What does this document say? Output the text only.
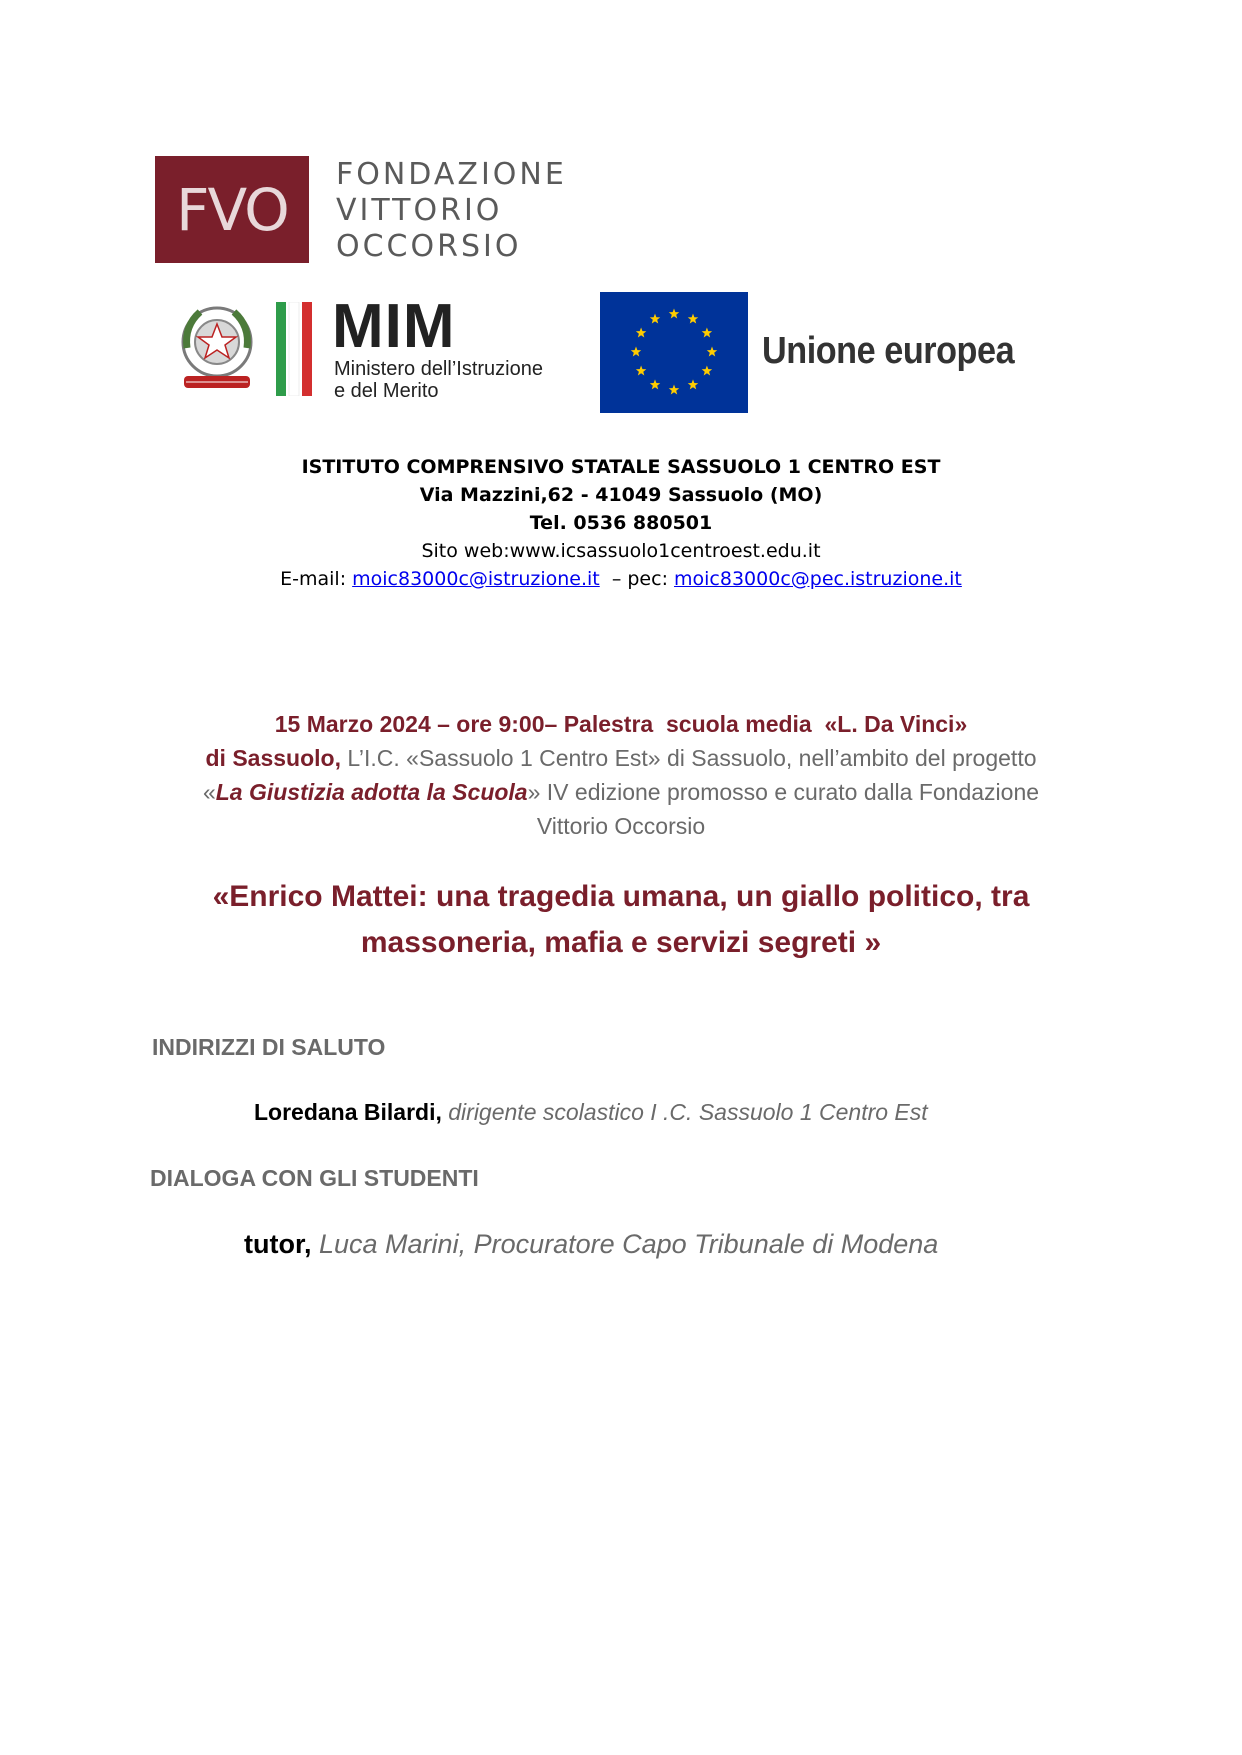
FVO
FONDAZIONE
VITTORIO
OCCORSIO
MIM
Ministero dell’Istruzione
e del Merito
Unione europea
ISTITUTO COMPRENSIVO STATALE SASSUOLO 1 CENTRO EST
Via Mazzini,62 - 41049 Sassuolo (MO)
Tel. 0536 880501
Sito web:www.icsassuolo1centroest.edu.it
E-mail: moic83000c@istruzione.it  – pec: moic83000c@pec.istruzione.it
15 Marzo 2024 – ore 9:00– Palestra  scuola media  «L. Da Vinci»
di Sassuolo, L’I.C. «Sassuolo 1 Centro Est» di Sassuolo, nell’ambito del progetto
«La Giustizia adotta la Scuola» IV edizione promosso e curato dalla Fondazione
Vittorio Occorsio
«Enrico Mattei: una tragedia umana, un giallo politico, tra
massoneria, mafia e servizi segreti »
INDIRIZZI DI SALUTO
Loredana Bilardi, dirigente scolastico I .C. Sassuolo 1 Centro Est
DIALOGA CON GLI STUDENTI
tutor, Luca Marini, Procuratore Capo Tribunale di Modena
